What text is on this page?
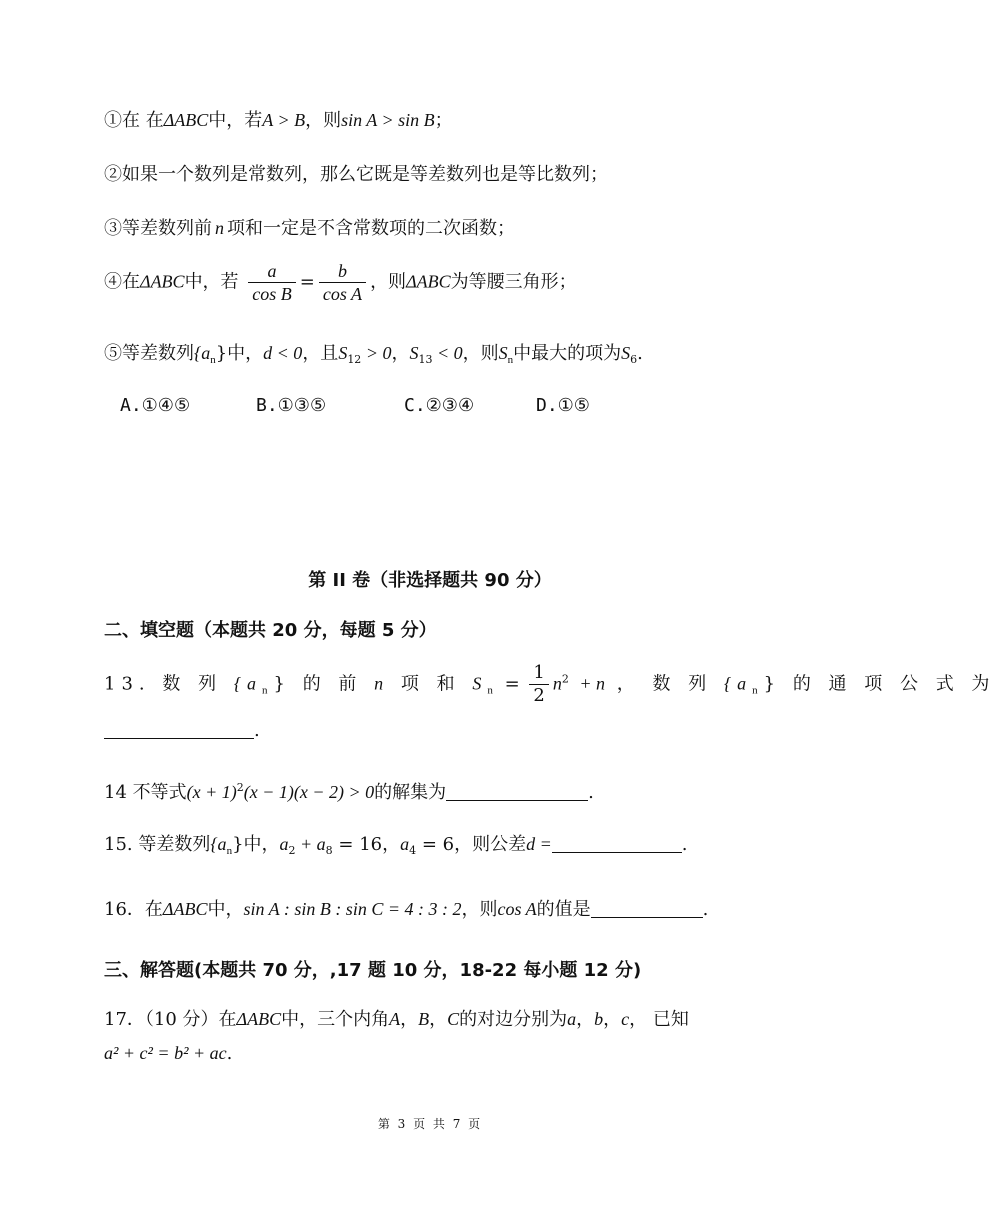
①在 在ΔABC中，若A > B，则sin A > sin B；
②如果一个数列是常数列，那么它既是等差数列也是等比数列；
③等差数列前 n 项和一定是不含常数项的二次函数；
④在ΔABC中，若 $\frac{a}{\text{cos B}} = \frac{b}{\text{cos A}}$ ，则ΔABC为等腰三角形；
⑤等差数列$\{a_n\}$中，d < 0，且$S_{12} > 0$，$S_{13} < 0$，则$S_n$中最大的项为$S_6$.
A.①④⑤	B.①③⑤	C.②③④	D.①⑤
第 II 卷（非选择题共 90 分）
二、填空题（本题共 20 分，每题 5 分）
13. 数 列 $\{a_n\}$ 的 前 n 项 和 $S_n = \frac{1}{2} n^2 + n$ ， 数 列 $\{a_n\}$ 的 通 项 公 式 为
.
14 不等式$(x + 1)^2(x - 1)(x - 2) > 0$的解集为	.
15. 等差数列$\{a_n\}$中，$a_2 + a_8 = 16$，$a_4 = 6$，则公差d =	.
16．在ΔABC中，sin A : sin B : sin C = 4 : 3 : 2，则cos A的值是	.
三、解答题(本题共 70 分，,17 题 10 分，18-22 每小题 12 分)
17．（10 分）在ΔABC中，三个内角A，B，C的对边分别为a，b，c， 已知
a² + c² = b² + ac.
第 3 页 共 7 页
